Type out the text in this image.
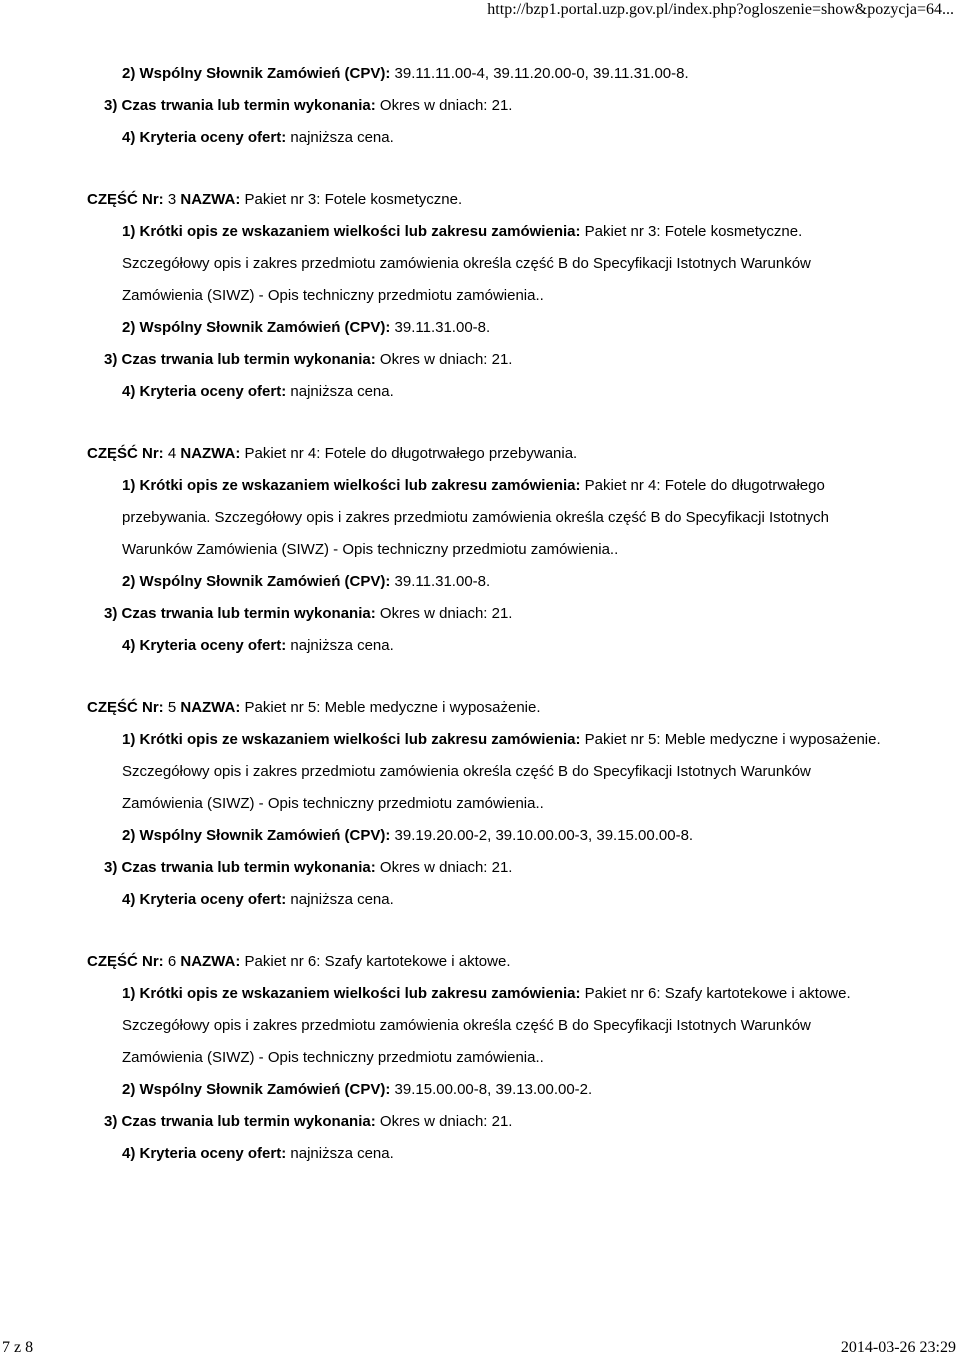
http://bzp1.portal.uzp.gov.pl/index.php?ogloszenie=show&pozycja=64...
2) Wspólny Słownik Zamówień (CPV): 39.11.11.00-4, 39.11.20.00-0, 39.11.31.00-8.
3) Czas trwania lub termin wykonania: Okres w dniach: 21.
4) Kryteria oceny ofert: najniższa cena.
CZĘŚĆ Nr: 3 NAZWA: Pakiet nr 3: Fotele kosmetyczne.
1) Krótki opis ze wskazaniem wielkości lub zakresu zamówienia: Pakiet nr 3: Fotele kosmetyczne. Szczegółowy opis i zakres przedmiotu zamówienia określa część B do Specyfikacji Istotnych Warunków Zamówienia (SIWZ) - Opis techniczny przedmiotu zamówienia..
2) Wspólny Słownik Zamówień (CPV): 39.11.31.00-8.
3) Czas trwania lub termin wykonania: Okres w dniach: 21.
4) Kryteria oceny ofert: najniższa cena.
CZĘŚĆ Nr: 4 NAZWA: Pakiet nr 4: Fotele do długotrwałego przebywania.
1) Krótki opis ze wskazaniem wielkości lub zakresu zamówienia: Pakiet nr 4: Fotele do długotrwałego przebywania. Szczegółowy opis i zakres przedmiotu zamówienia określa część B do Specyfikacji Istotnych Warunków Zamówienia (SIWZ) - Opis techniczny przedmiotu zamówienia..
2) Wspólny Słownik Zamówień (CPV): 39.11.31.00-8.
3) Czas trwania lub termin wykonania: Okres w dniach: 21.
4) Kryteria oceny ofert: najniższa cena.
CZĘŚĆ Nr: 5 NAZWA: Pakiet nr 5: Meble medyczne i wyposażenie.
1) Krótki opis ze wskazaniem wielkości lub zakresu zamówienia: Pakiet nr 5: Meble medyczne i wyposażenie. Szczegółowy opis i zakres przedmiotu zamówienia określa część B do Specyfikacji Istotnych Warunków Zamówienia (SIWZ) - Opis techniczny przedmiotu zamówienia..
2) Wspólny Słownik Zamówień (CPV): 39.19.20.00-2, 39.10.00.00-3, 39.15.00.00-8.
3) Czas trwania lub termin wykonania: Okres w dniach: 21.
4) Kryteria oceny ofert: najniższa cena.
CZĘŚĆ Nr: 6 NAZWA: Pakiet nr 6: Szafy kartotekowe i aktowe.
1) Krótki opis ze wskazaniem wielkości lub zakresu zamówienia: Pakiet nr 6: Szafy kartotekowe i aktowe. Szczegółowy opis i zakres przedmiotu zamówienia określa część B do Specyfikacji Istotnych Warunków Zamówienia (SIWZ) - Opis techniczny przedmiotu zamówienia..
2) Wspólny Słownik Zamówień (CPV): 39.15.00.00-8, 39.13.00.00-2.
3) Czas trwania lub termin wykonania: Okres w dniach: 21.
4) Kryteria oceny ofert: najniższa cena.
7 z 8	2014-03-26 23:29
